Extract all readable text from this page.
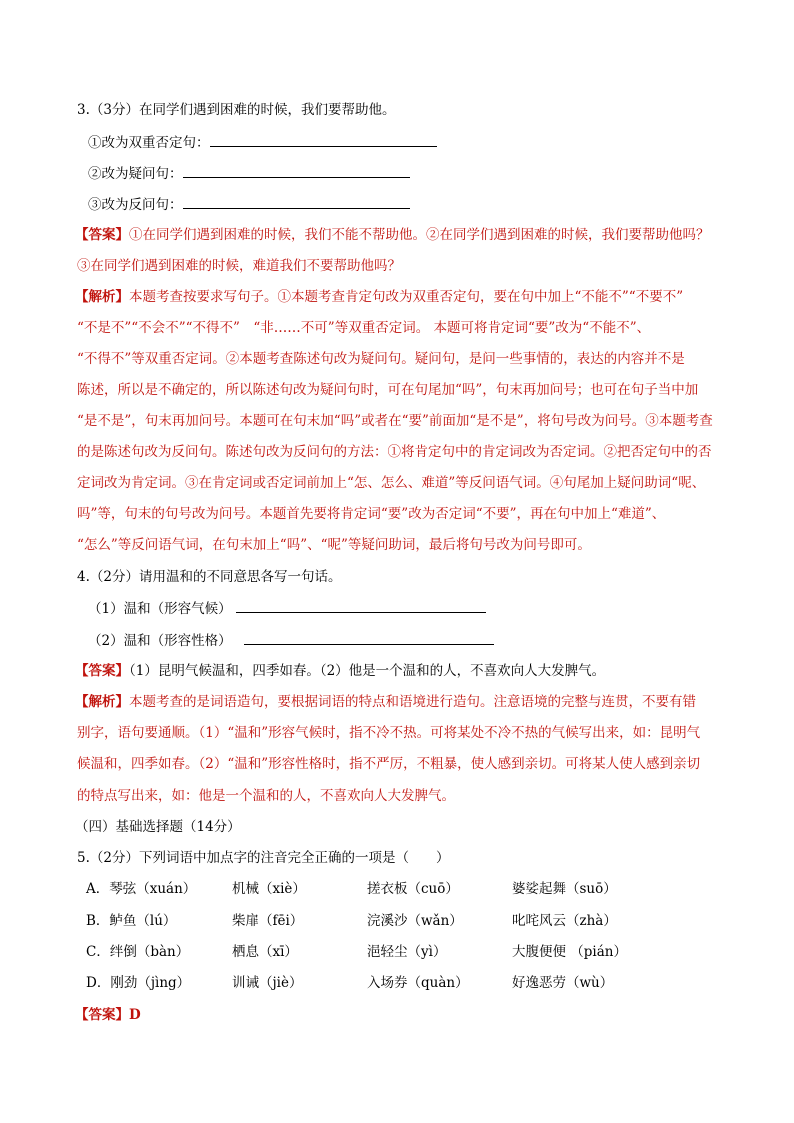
3.（3分）在同学们遇到困难的时候，我们要帮助他。
①改为双重否定句：
②改为疑问句：
③改为反问句：
【答案】①在同学们遇到困难的时候，我们不能不帮助他。②在同学们遇到困难的时候，我们要帮助他吗？
③在同学们遇到困难的时候，难道我们不要帮助他吗？
【解析】本题考查按要求写句子。①本题考查肯定句改为双重否定句，要在句中加上“不能不”“不要不”
“不是不”“不会不”“不得不”　“非……不可”等双重否定词。 本题可将肯定词“要”改为“不能不”、
“不得不”等双重否定词。②本题考查陈述句改为疑问句。疑问句，是问一些事情的，表达的内容并不是
陈述，所以是不确定的，所以陈述句改为疑问句时，可在句尾加“吗”，句末再加问号；也可在句子当中加
“是不是”，句末再加问号。本题可在句末加“吗”或者在“要”前面加“是不是”，将句号改为问号。③本题考查
的是陈述句改为反问句。陈述句改为反问句的方法：①将肯定句中的肯定词改为否定词。②把否定句中的否
定词改为肯定词。③在肯定词或否定词前加上“怎、怎么、难道”等反问语气词。④句尾加上疑问助词“呢、
吗”等，句末的句号改为问号。本题首先要将肯定词“要”改为否定词“不要”，再在句中加上“难道”、
“怎么”等反问语气词，在句末加上“吗”、“呢”等疑问助词，最后将句号改为问号即可。
4.（2分）请用温和的不同意思各写一句话。
（1）温和（形容气候）
（2）温和（形容性格）
【答案】（1）昆明气候温和，四季如春。（2）他是一个温和的人，不喜欢向人大发脾气。
【解析】本题考查的是词语造句，要根据词语的特点和语境进行造句。注意语境的完整与连贯，不要有错
别字，语句要通顺。（1）“温和”形容气候时，指不冷不热。可将某处不冷不热的气候写出来，如：昆明气
候温和，四季如春。（2）“温和”形容性格时，指不严厉，不粗暴，使人感到亲切。可将某人使人感到亲切
的特点写出来，如：他是一个温和的人，不喜欢向人大发脾气。
（四）基础选择题（14分）
5.（2分）下列词语中加点字的注音完全正确的一项是（　　）
A．琴弦（xuán）	机械（xiè）	搓衣板（cuō）	婆娑起舞（suō）
B．鲈鱼（lú）	柴扉（fēi）	浣溪沙（wǎn）	叱咤风云（zhà）
C．绊倒（bàn）	栖息（xī）	浥轻尘（yì）	大腹便便 （pián）
D．刚劲（jìng）	训诫（jiè）	入场券（quàn）	好逸恶劳（wù）
【答案】D
